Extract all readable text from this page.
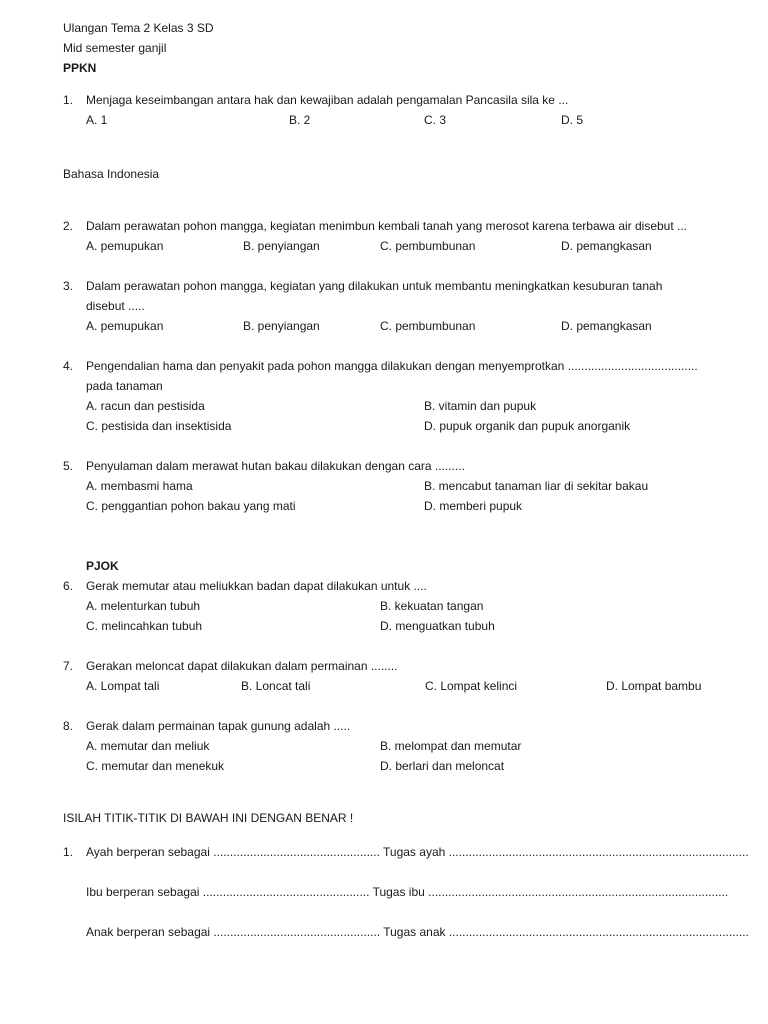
Ulangan Tema 2 Kelas 3 SD
Mid semester ganjil
PPKN
1. Menjaga keseimbangan antara hak dan kewajiban adalah pengamalan Pancasila sila ke ...
A. 1	B. 2	C. 3	D. 5
Bahasa Indonesia
2. Dalam perawatan pohon mangga, kegiatan menimbun kembali tanah yang merosot karena terbawa air disebut ...
A. pemupukan	B. penyiangan	C. pembumbunan	D. pemangkasan
3. Dalam perawatan pohon mangga, kegiatan yang dilakukan untuk membantu meningkatkan kesuburan tanah
disebut .....
A. pemupukan	B. penyiangan	C. pembumbunan	D. pemangkasan
4. Pengendalian hama dan penyakit pada pohon mangga dilakukan dengan menyemprotkan .......................................
pada tanaman
A. racun dan pestisida	B. vitamin dan pupuk
C. pestisida dan insektisida	D. pupuk organik dan pupuk anorganik
5. Penyulaman dalam merawat hutan bakau dilakukan dengan cara .........
A. membasmi hama	B. mencabut tanaman liar di sekitar bakau
C. penggantian pohon bakau yang mati	D. memberi pupuk
PJOK
6. Gerak memutar atau meliukkan badan dapat dilakukan untuk ....
A. melenturkan tubuh	B. kekuatan tangan
C. melincahkan tubuh	D. menguatkan tubuh
7. Gerakan meloncat dapat dilakukan dalam permainan ........
A. Lompat tali	B. Loncat tali	C. Lompat kelinci	D. Lompat bambu
8. Gerak dalam permainan tapak gunung adalah .....
A. memutar dan meliuk	B. melompat dan memutar
C. memutar dan menekuk	D. berlari dan meloncat
ISILAH TITIK-TITIK DI BAWAH INI DENGAN BENAR !
1. Ayah berperan sebagai .................................................. Tugas ayah ..........................................................................................
Ibu berperan sebagai .................................................. Tugas ibu ..........................................................................................
Anak berperan sebagai .................................................. Tugas anak ..........................................................................................
